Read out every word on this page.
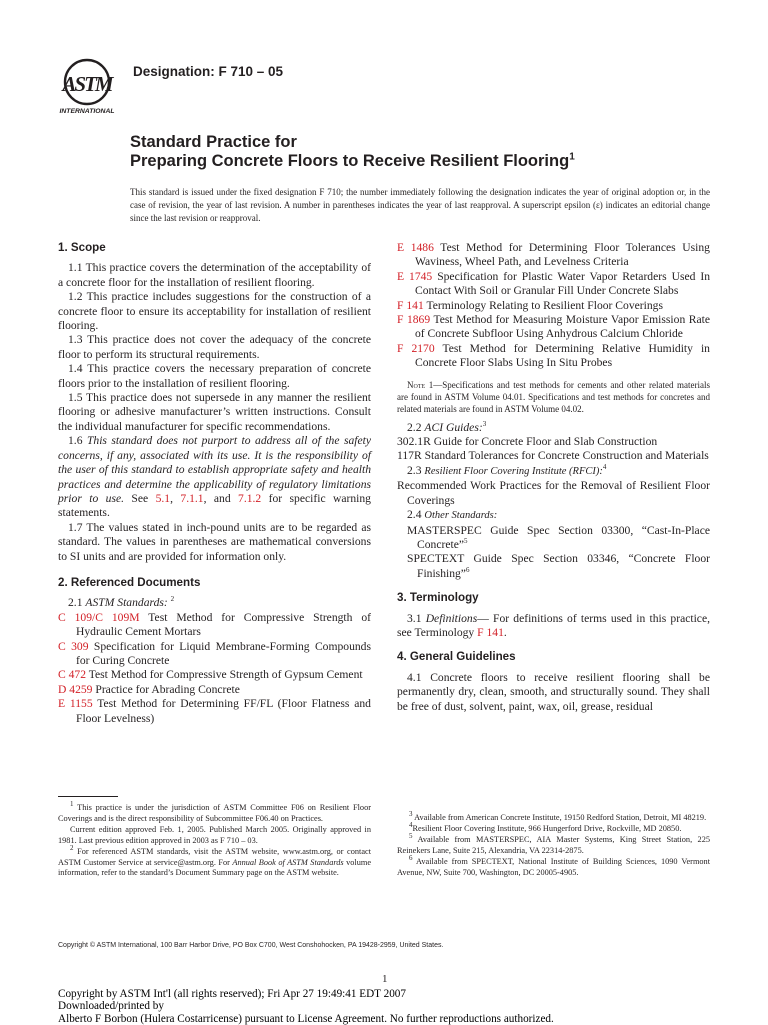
ASTM
INTERNATIONAL
Designation: F 710 – 05
Standard Practice for
Preparing Concrete Floors to Receive Resilient Flooring$^1$
This standard is issued under the fixed designation F 710; the number immediately following the designation indicates the year of original adoption or, in the case of revision, the year of last revision. A number in parentheses indicates the year of last reapproval. A superscript epsilon (ε) indicates an editorial change since the last revision or reapproval.
1. Scope

1.1 This practice covers the determination of the acceptability of a concrete floor for the installation of resilient flooring.

1.2 This practice includes suggestions for the construction of a concrete floor to ensure its acceptability for installation of resilient flooring.

1.3 This practice does not cover the adequacy of the concrete floor to perform its structural requirements.

1.4 This practice covers the necessary preparation of concrete floors prior to the installation of resilient flooring.

1.5 This practice does not supersede in any manner the resilient flooring or adhesive manufacturer’s written instructions. Consult the individual manufacturer for specific recommendations.

1.6 This standard does not purport to address all of the safety concerns, if any, associated with its use. It is the responsibility of the user of this standard to establish appropriate safety and health practices and determine the applicability of regulatory limitations prior to use. See 5.1, 7.1.1, and 7.1.2 for specific warning statements.

1.7 The values stated in inch-pound units are to be regarded as standard. The values in parentheses are mathematical conversions to SI units and are provided for information only.

2. Referenced Documents

2.1 ASTM Standards: $^2$

C 109/C 109M Test Method for Compressive Strength of Hydraulic Cement Mortars

C 309 Specification for Liquid Membrane-Forming Compounds for Curing Concrete

C 472 Test Method for Compressive Strength of Gypsum Cement

D 4259 Practice for Abrading Concrete

E 1155 Test Method for Determining FF/FL (Floor Flatness and Floor Levelness)

E 1486 Test Method for Determining Floor Tolerances Using Waviness, Wheel Path, and Levelness Criteria

E 1745 Specification for Plastic Water Vapor Retarders Used In Contact With Soil or Granular Fill Under Concrete Slabs

F 141 Terminology Relating to Resilient Floor Coverings

F 1869 Test Method for Measuring Moisture Vapor Emission Rate of Concrete Subfloor Using Anhydrous Calcium Chloride

F 2170 Test Method for Determining Relative Humidity in Concrete Floor Slabs Using In Situ Probes

Note 1—Specifications and test methods for cements and other related materials are found in ASTM Volume 04.01. Specifications and test methods for concretes and related materials are found in ASTM Volume 04.02.

2.2 ACI Guides:$^3$

302.1R Guide for Concrete Floor and Slab Construction

117R Standard Tolerances for Concrete Construction and Materials

2.3 Resilient Floor Covering Institute (RFCI):$^4$

Recommended Work Practices for the Removal of Resilient Floor Coverings

2.4 Other Standards:

MASTERSPEC Guide Spec Section 03300, “Cast-In-Place Concrete”$^5$

SPECTEXT Guide Spec Section 03346, “Concrete Floor Finishing”$^6$

3. Terminology

3.1 Definitions— For definitions of terms used in this practice, see Terminology F 141.

4. General Guidelines

4.1 Concrete floors to receive resilient flooring shall be permanently dry, clean, smooth, and structurally sound. They shall be free of dust, solvent, paint, wax, oil, grease, residual

$^1$ This practice is under the jurisdiction of ASTM Committee F06 on Resilient Floor Coverings and is the direct responsibility of Subcommittee F06.40 on Practices.

Current edition approved Feb. 1, 2005. Published March 2005. Originally approved in 1981. Last previous edition approved in 2003 as F 710 – 03.

$^2$ For referenced ASTM standards, visit the ASTM website, www.astm.org, or contact ASTM Customer Service at service@astm.org. For Annual Book of ASTM Standards volume information, refer to the standard’s Document Summary page on the ASTM website.

$^3$ Available from American Concrete Institute, 19150 Redford Station, Detroit, MI 48219.

$^4$Resilient Floor Covering Institute, 966 Hungerford Drive, Rockville, MD 20850.

$^5$ Available from MASTERSPEC, AIA Master Systems, King Street Station, 225 Reinekers Lane, Suite 215, Alexandria, VA 22314-2875.

$^6$ Available from SPECTEXT, National Institute of Building Sciences, 1090 Vermont Avenue, NW, Suite 700, Washington, DC 20005-4905.

Copyright © ASTM International, 100 Barr Harbor Drive, PO Box C700, West Conshohocken, PA 19428-2959, United States.
1
Copyright by ASTM Int'l (all rights reserved); Fri Apr 27 19:49:41 EDT 2007
Downloaded/printed by
Alberto F Borbon (Hulera Costarricense) pursuant to License Agreement. No further reproductions authorized.
